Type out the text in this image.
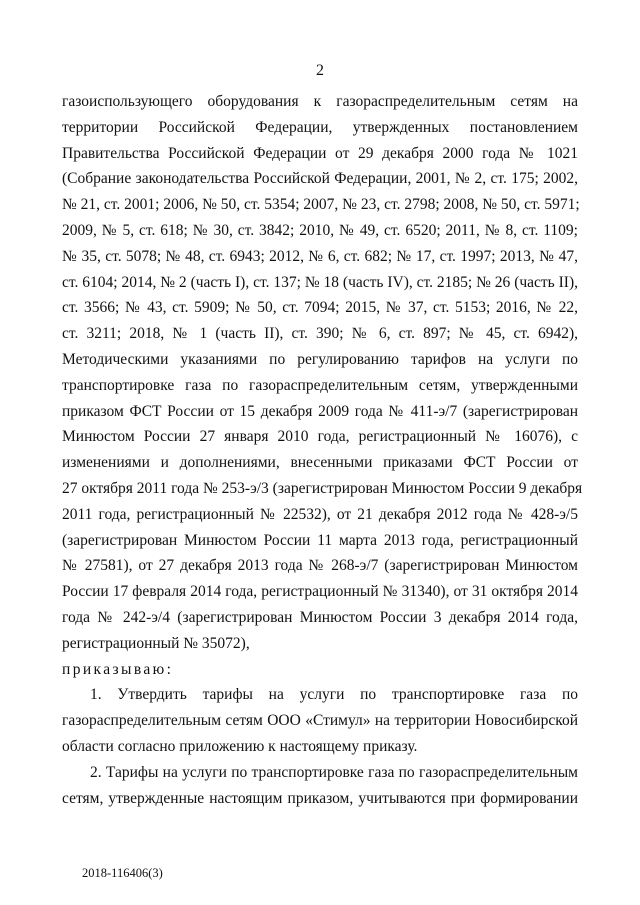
2
газоиспользующего оборудования к газораспределительным сетям на
территории Российской Федерации, утвержденных постановлением
Правительства Российской Федерации от 29 декабря 2000 года № 1021
(Собрание законодательства Российской Федерации, 2001, № 2, ст. 175; 2002,
№ 21, ст. 2001; 2006, № 50, ст. 5354; 2007, № 23, ст. 2798; 2008, № 50, ст. 5971;
2009, № 5, ст. 618; № 30, ст. 3842; 2010, № 49, ст. 6520; 2011, № 8, ст. 1109;
№ 35, ст. 5078; № 48, ст. 6943; 2012, № 6, ст. 682; № 17, ст. 1997; 2013, № 47,
ст. 6104; 2014, № 2 (часть I), ст. 137; № 18 (часть IV), ст. 2185; № 26 (часть II),
ст. 3566; № 43, ст. 5909; № 50, ст. 7094; 2015, № 37, ст. 5153; 2016, № 22,
ст. 3211; 2018, № 1 (часть II), ст. 390; № 6, ст. 897; № 45, ст. 6942),
Методическими указаниями по регулированию тарифов на услуги по
транспортировке газа по газораспределительным сетям, утвержденными
приказом ФСТ России от 15 декабря 2009 года № 411-э/7 (зарегистрирован
Минюстом России 27 января 2010 года, регистрационный № 16076), с
изменениями и дополнениями, внесенными приказами ФСТ России от
27 октября 2011 года № 253-э/3 (зарегистрирован Минюстом России 9 декабря
2011 года, регистрационный № 22532), от 21 декабря 2012 года № 428-э/5
(зарегистрирован Минюстом России 11 марта 2013 года, регистрационный
№ 27581), от 27 декабря 2013 года № 268-э/7 (зарегистрирован Минюстом
России 17 февраля 2014 года, регистрационный № 31340), от 31 октября 2014
года № 242-э/4 (зарегистрирован Минюстом России 3 декабря 2014 года,
регистрационный № 35072),
приказываю:
1. Утвердить тарифы на услуги по транспортировке газа по
газораспределительным сетям ООО «Стимул» на территории Новосибирской
области согласно приложению к настоящему приказу.
2. Тарифы на услуги по транспортировке газа по газораспределительным
сетям, утвержденные настоящим приказом, учитываются при формировании
2018-116406(3)
